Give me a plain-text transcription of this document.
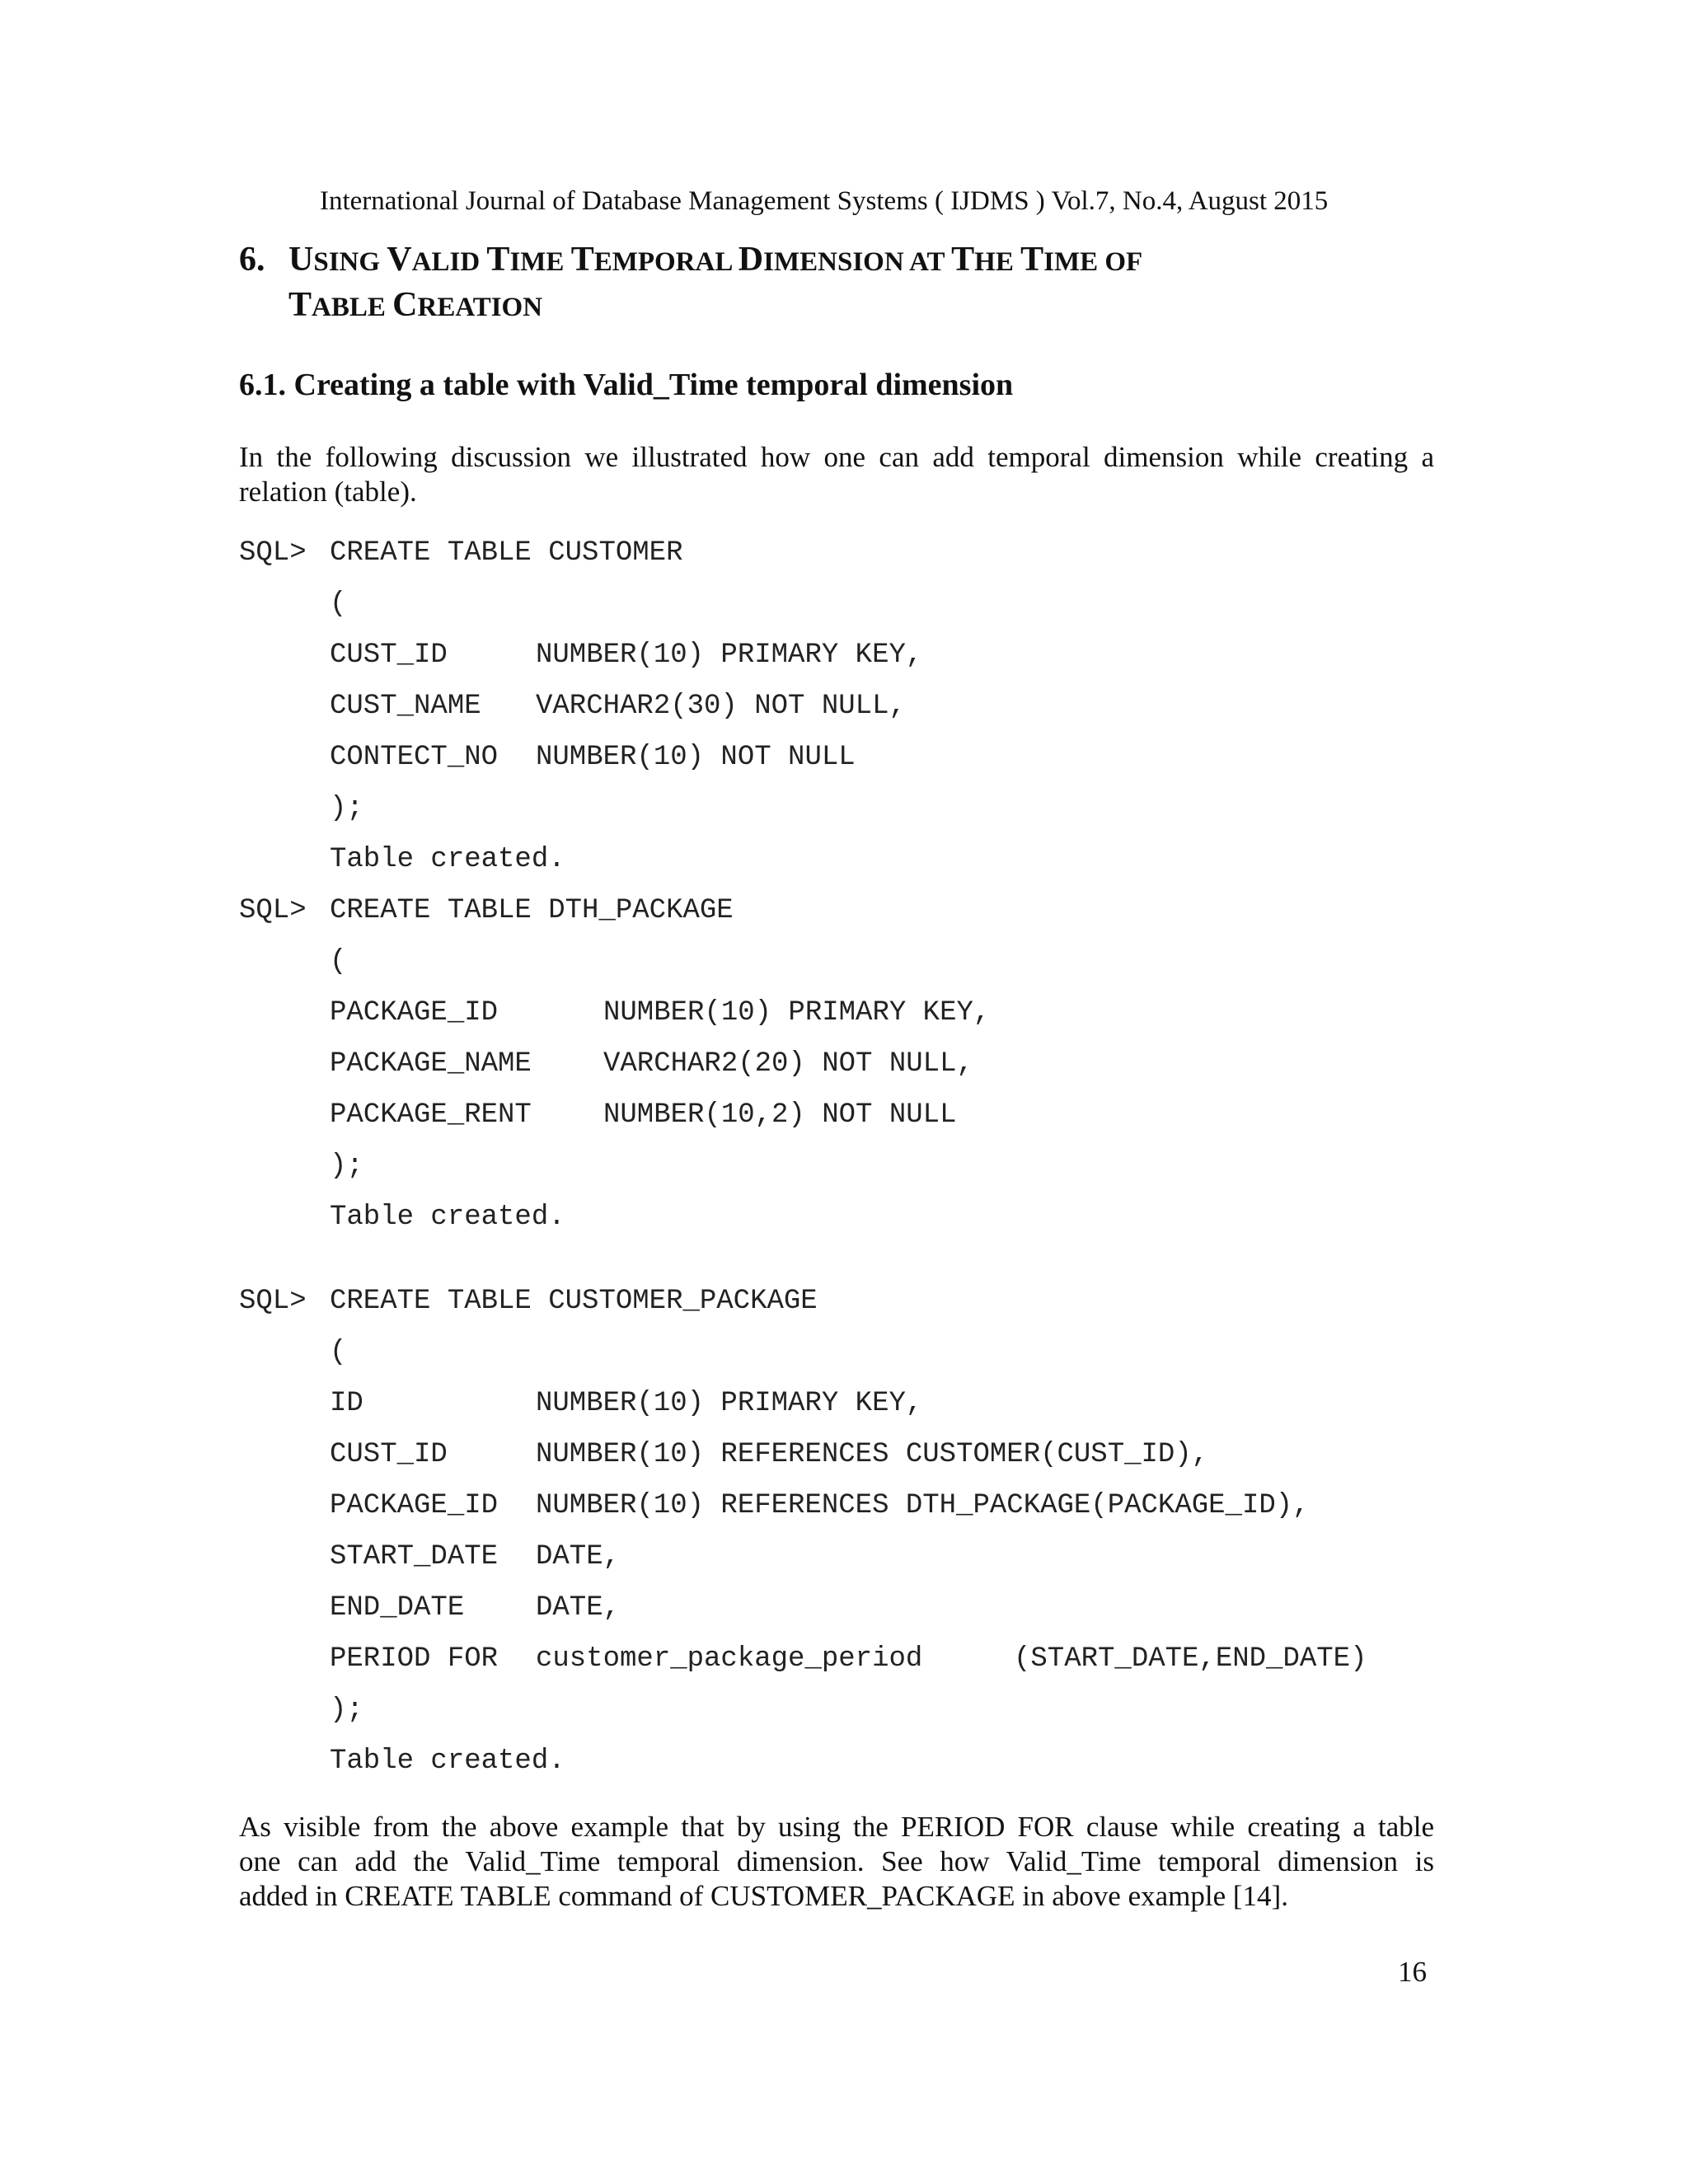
International Journal of Database Management Systems ( IJDMS ) Vol.7, No.4, August 2015
6. USING VALID TIME TEMPORAL DIMENSION AT THE TIME OF
TABLE CREATION
6.1. Creating a table with Valid_Time temporal dimension
In the following discussion we illustrated how one can add temporal dimension while creating a
relation (table).
SQL> CREATE TABLE CUSTOMER
(
CUST_ID	NUMBER(10) PRIMARY KEY,
CUST_NAME VARCHAR2(30) NOT NULL,
CONTECT_NO NUMBER(10) NOT NULL
);
Table created.
SQL> CREATE TABLE DTH_PACKAGE
(
PACKAGE_ID	NUMBER(10) PRIMARY KEY,
PACKAGE_NAME	VARCHAR2(20) NOT NULL,
PACKAGE_RENT	NUMBER(10,2) NOT NULL
);
Table created.
SQL> CREATE TABLE CUSTOMER_PACKAGE
(
ID	NUMBER(10) PRIMARY KEY,
CUST_ID	NUMBER(10) REFERENCES CUSTOMER(CUST_ID),
PACKAGE_ID NUMBER(10) REFERENCES DTH_PACKAGE(PACKAGE_ID),
START_DATE DATE,
END_DATE	DATE,
PERIOD FOR customer_package_period	(START_DATE,END_DATE)
);
Table created.
As visible from the above example that by using the PERIOD FOR clause while creating a table
one can add the Valid_Time temporal dimension. See how Valid_Time temporal dimension is
added in CREATE TABLE command of CUSTOMER_PACKAGE in above example [14].
16
